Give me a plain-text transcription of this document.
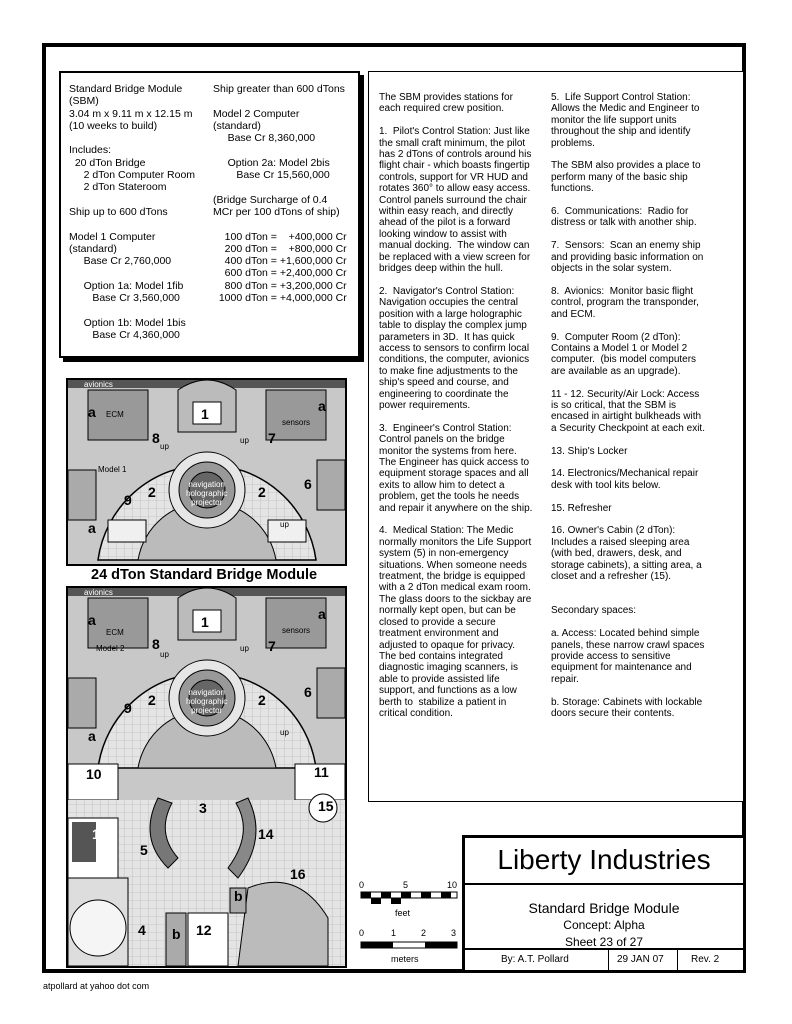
Standard Bridge Module
(SBM)
3.04 m x 9.11 m x 12.15 m
(10 weeks to build)

Includes:
20 dTon Bridge
2 dTon Computer Room
2 dTon Stateroom

Ship up to 600 dTons

Model 1 Computer
(standard)
Base Cr 2,760,000

Option 1a: Model 1fib
Base Cr 3,560,000

Option 1b: Model 1bis
Base Cr 4,360,000
Ship greater than 600 dTons

Model 2 Computer
(standard)
Base Cr 8,360,000

Option 2a: Model 2bis
Base Cr 15,560,000

(Bridge Surcharge of 0.4
MCr per 100 dTons of ship)

100 dTon =    +400,000 Cr
200 dTon =    +800,000 Cr
400 dTon = +1,600,000 Cr
600 dTon = +2,400,000 Cr
800 dTon = +3,200,000 Cr
1000 dTon = +4,000,000 Cr
The SBM provides stations for
each required crew position.

1.  Pilot's Control Station: Just like
the small craft minimum, the pilot
has 2 dTons of controls around his
flight chair - which boasts fingertip
controls, support for VR HUD and
rotates 360° to allow easy access.
Control panels surround the chair
within easy reach, and directly
ahead of the pilot is a forward
looking window to assist with
manual docking.  The window can
be replaced with a view screen for
bridges deep within the hull.

2.  Navigator's Control Station:
Navigation occupies the central
position with a large holographic
table to display the complex jump
parameters in 3D.  It has quick
access to sensors to confirm local
conditions, the computer, avionics
to make fine adjustments to the
ship's speed and course, and
engineering to coordinate the
power requirements.

3.  Engineer's Control Station:
Control panels on the bridge
monitor the systems from here.
The Engineer has quick access to
equipment storage spaces and all
exits to allow him to detect a
problem, get the tools he needs
and repair it anywhere on the ship.

4.  Medical Station: The Medic
normally monitors the Life Support
system (5) in non-emergency
situations. When someone needs
treatment, the bridge is equipped
with a 2 dTon medical exam room.
The glass doors to the sickbay are
normally kept open, but can be
closed to provide a secure
treatment environment and
adjusted to opaque for privacy.
The bed contains integrated
diagnostic imaging scanners, is
able to provide assisted life
support, and functions as a low
berth to  stabilize a patient in
critical condition.
5.  Life Support Control Station:
Allows the Medic and Engineer to
monitor the life support units
throughout the ship and identify
problems.

The SBM also provides a place to
perform many of the basic ship
functions.

6.  Communications:  Radio for
distress or talk with another ship.

7.  Sensors:  Scan an enemy ship
and providing basic information on
objects in the solar system.

8.  Avionics:  Monitor basic flight
control, program the transponder,
and ECM.

9.  Computer Room (2 dTon):
Contains a Model 1 or Model 2
computer.  (bis model computers
are available as an upgrade).

11 - 12. Security/Air Lock: Access
is so critical, that the SBM is
encased in airtight bulkheads with
a Security Checkpoint at each exit.

13. Ship's Locker

14. Electronics/Mechanical repair
desk with tool kits below.

15. Refresher

16. Owner's Cabin (2 dTon):
Includes a raised sleeping area
(with bed, drawers, desk, and
storage cabinets), a sitting area, a
closet and a refresher (15).

Secondary spaces:

a. Access: Located behind simple
panels, these narrow crawl spaces
provide access to sensitive
equipment for maintenance and
repair.

b. Storage: Cabinets with lockable
doors secure their contents.
avionics
ECM
sensors
Model 1
navigation
holographic
projector
up
up
up
1
2	2	6
7
8
9
a	a
a
24 dTon Standard Bridge Module
avionics
ECM	sensors
Model 2
navigation
holographic
projector
up
up
up
1
2	2	6
7
8
9
a	a
a
10	11
3
13
5
14
15
16
4 b
b
12
0	5	10
feet
0	1	2	3
meters
Liberty Industries
Standard Bridge Module
Concept: Alpha
Sheet 23 of 27
By: A.T. Pollard	29 JAN 07	Rev. 2
atpollard at yahoo dot com
